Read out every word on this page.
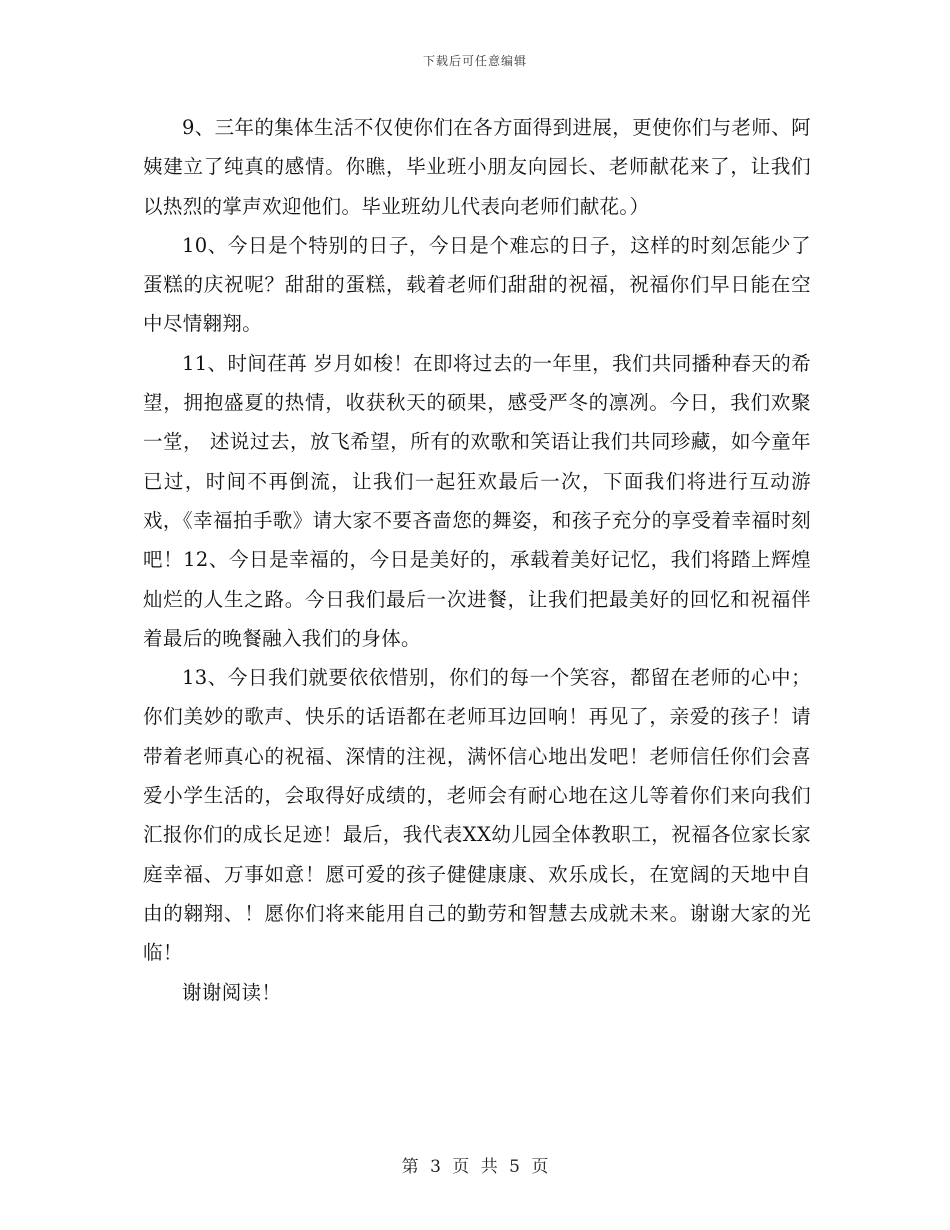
下载后可任意编辑

9、三年的集体生活不仅使你们在各方面得到进展，更使你们与老师、阿姨建立了纯真的感情。你瞧，毕业班小朋友向园长、老师献花来了，让我们以热烈的掌声欢迎他们。毕业班幼儿代表向老师们献花。）

10、今日是个特别的日子，今日是个难忘的日子，这样的时刻怎能少了蛋糕的庆祝呢？甜甜的蛋糕，载着老师们甜甜的祝福，祝福你们早日能在空中尽情翱翔。

11、时间荏苒 岁月如梭！在即将过去的一年里，我们共同播种春天的希望，拥抱盛夏的热情，收获秋天的硕果，感受严冬的凛冽。今日，我们欢聚一堂， 述说过去，放飞希望，所有的欢歌和笑语让我们共同珍藏，如今童年已过，时间不再倒流，让我们一起狂欢最后一次，下面我们将进行互动游戏，《幸福拍手歌》请大家不要吝啬您的舞姿，和孩子充分的享受着幸福时刻吧！12、今日是幸福的，今日是美好的，承载着美好记忆，我们将踏上辉煌灿烂的人生之路。今日我们最后一次进餐，让我们把最美好的回忆和祝福伴着最后的晚餐融入我们的身体。

13、今日我们就要依依惜别，你们的每一个笑容，都留在老师的心中；你们美妙的歌声、快乐的话语都在老师耳边回响！再见了，亲爱的孩子！请带着老师真心的祝福、深情的注视，满怀信心地出发吧！老师信任你们会喜爱小学生活的，会取得好成绩的，老师会有耐心地在这儿等着你们来向我们汇报你们的成长足迹！最后，我代表XX幼儿园全体教职工，祝福各位家长家庭幸福、万事如意！愿可爱的孩子健健康康、欢乐成长，在宽阔的天地中自由的翱翔、！愿你们将来能用自己的勤劳和智慧去成就未来。谢谢大家的光临！

谢谢阅读！

第 3 页 共 5 页
